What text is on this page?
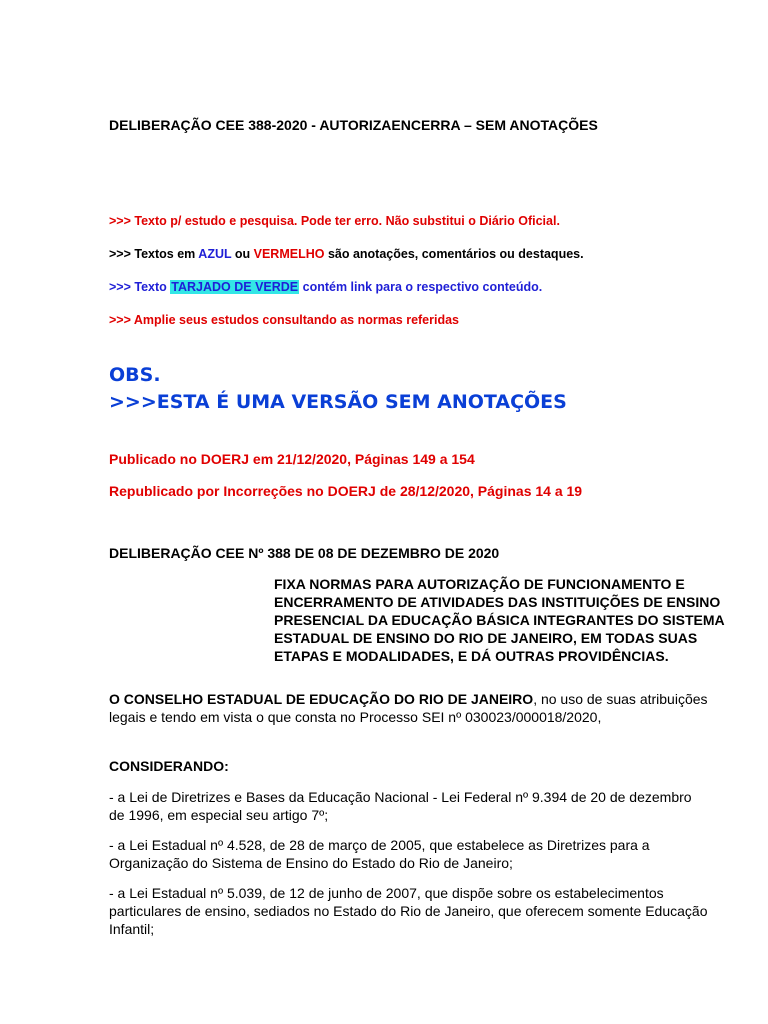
DELIBERAÇÃO CEE 388-2020 - AUTORIZAENCERRA – SEM ANOTAÇÕES

>>> Texto p/ estudo e pesquisa. Pode ter erro. Não substitui o Diário Oficial.

>>> Textos em AZUL ou VERMELHO são anotações, comentários ou destaques.

>>> Texto TARJADO DE VERDE contém link para o respectivo conteúdo.

>>> Amplie seus estudos consultando as normas referidas

OBS.

>>>ESTA É UMA VERSÃO SEM ANOTAÇÕES

Publicado no DOERJ em 21/12/2020, Páginas 149 a 154

Republicado por Incorreções no DOERJ de 28/12/2020, Páginas 14 a 19

DELIBERAÇÃO CEE Nº 388 DE 08 DE DEZEMBRO DE 2020

FIXA NORMAS PARA AUTORIZAÇÃO DE FUNCIONAMENTO E ENCERRAMENTO DE ATIVIDADES DAS INSTITUIÇÕES DE ENSINO PRESENCIAL DA EDUCAÇÃO BÁSICA INTEGRANTES DO SISTEMA ESTADUAL DE ENSINO DO RIO DE JANEIRO, EM TODAS SUAS ETAPAS E MODALIDADES, E DÁ OUTRAS PROVIDÊNCIAS.

O CONSELHO ESTADUAL DE EDUCAÇÃO DO RIO DE JANEIRO, no uso de suas atribuições legais e tendo em vista o que consta no Processo SEI nº 030023/000018/2020,

CONSIDERANDO:

- a Lei de Diretrizes e Bases da Educação Nacional - Lei Federal nº 9.394 de 20 de dezembro de 1996, em especial seu artigo 7º;

- a Lei Estadual nº 4.528, de 28 de março de 2005, que estabelece as Diretrizes para a Organização do Sistema de Ensino do Estado do Rio de Janeiro;

- a Lei Estadual nº 5.039, de 12 de junho de 2007, que dispõe sobre os estabelecimentos particulares de ensino, sediados no Estado do Rio de Janeiro, que oferecem somente Educação Infantil;
